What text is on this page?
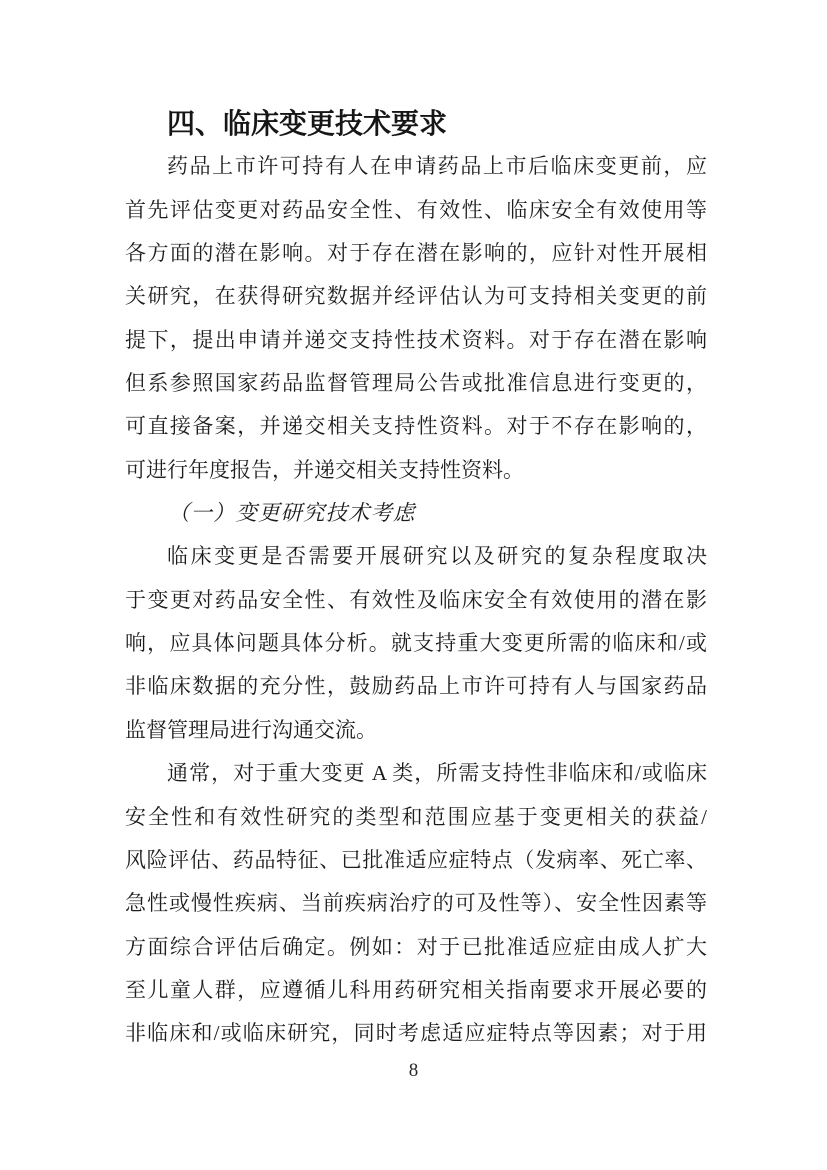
四、临床变更技术要求
药品上市许可持有人在申请药品上市后临床变更前，应
首先评估变更对药品安全性、有效性、临床安全有效使用等
各方面的潜在影响。对于存在潜在影响的，应针对性开展相
关研究，在获得研究数据并经评估认为可支持相关变更的前
提下，提出申请并递交支持性技术资料。对于存在潜在影响
但系参照国家药品监督管理局公告或批准信息进行变更的，
可直接备案，并递交相关支持性资料。对于不存在影响的，
可进行年度报告，并递交相关支持性资料。
（一）变更研究技术考虑
临床变更是否需要开展研究以及研究的复杂程度取决
于变更对药品安全性、有效性及临床安全有效使用的潜在影
响，应具体问题具体分析。就支持重大变更所需的临床和/或
非临床数据的充分性，鼓励药品上市许可持有人与国家药品
监督管理局进行沟通交流。
通常，对于重大变更 A 类，所需支持性非临床和/或临床
安全性和有效性研究的类型和范围应基于变更相关的获益/
风险评估、药品特征、已批准适应症特点（发病率、死亡率、
急性或慢性疾病、当前疾病治疗的可及性等）、安全性因素等
方面综合评估后确定。例如：对于已批准适应症由成人扩大
至儿童人群，应遵循儿科用药研究相关指南要求开展必要的
非临床和/或临床研究，同时考虑适应症特点等因素；对于用
8
